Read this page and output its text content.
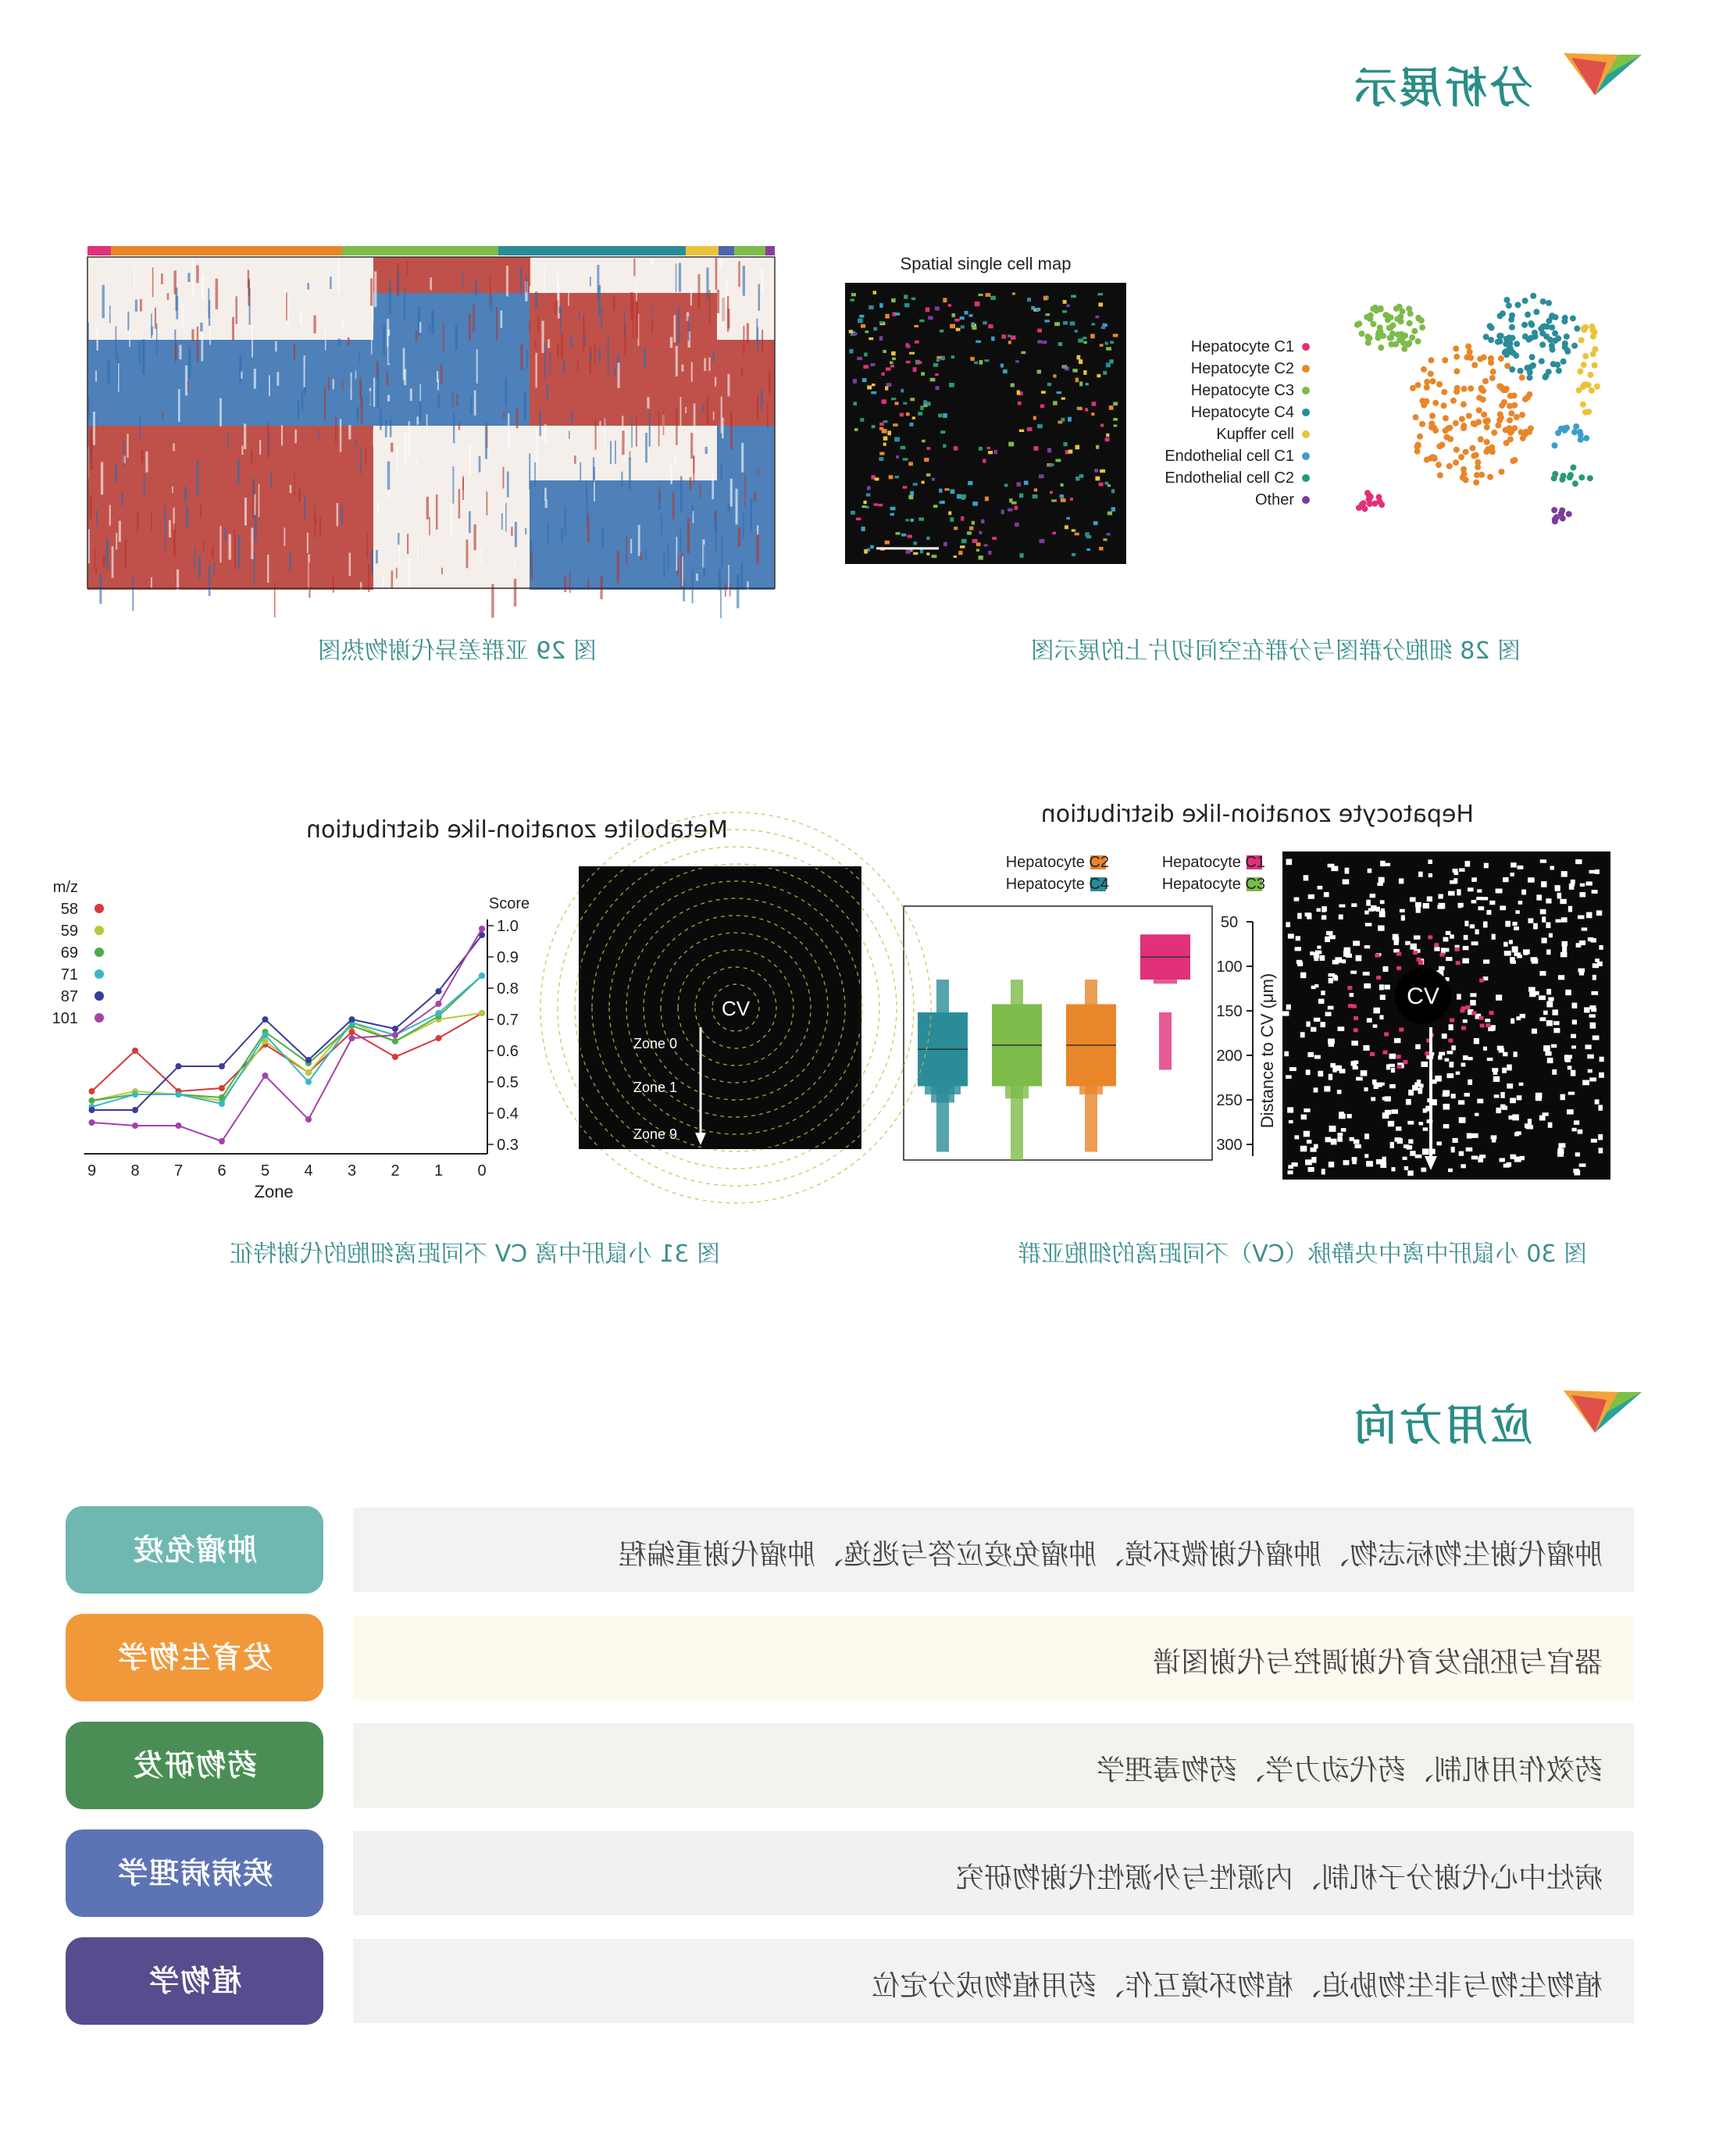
分析展示
Hepatocyte C1
Hepatocyte C2
Hepatocyte C3
Hepatocyte C4
Kupffer cell
Endothelial cell C1
Endothelial cell C2
Other
Spatial single cell map
图 28 细胞分群图与分群在空间切片上的展示图
图 29 亚群差异代谢物热图
Hepatocyte zonation-like distribution
CV
50
100
150
200
250
300
Distance to CV (μm)
Hepatocyte C1
Hepatocyte C2
Hepatocyte C3
Hepatocyte C4
图 30 小鼠肝中离中央静脉（CV）不同距离的细胞亚群
Metabolite zonation-like distribution
CV
Zone 0
Zone 1
Zone 9
0.3
0.4
0.5
0.6
0.7
0.8
0.9
1.0
Score
0
1
2
3
4
5
6
7
8
9
Zone
58
59
69
71
87
101
m/z
图 31 小鼠肝中离 CV 不同距离细胞的代谢特征
应用方向
肿瘤代谢生物标志物、肿瘤代谢微环境、肿瘤免疫应答与逃逸、肿瘤代谢重编程
肿瘤免疫
器官与胚胎发育代谢调控与代谢图谱
发育生物学
药效作用机制、药代动力学、药物毒理学
药物研发
病灶中心代谢分子机制、内源性与外源性代谢物研究
疾病病理学
植物生物与非生物胁迫、植物环境互作、药用植物成分定位
植物学
